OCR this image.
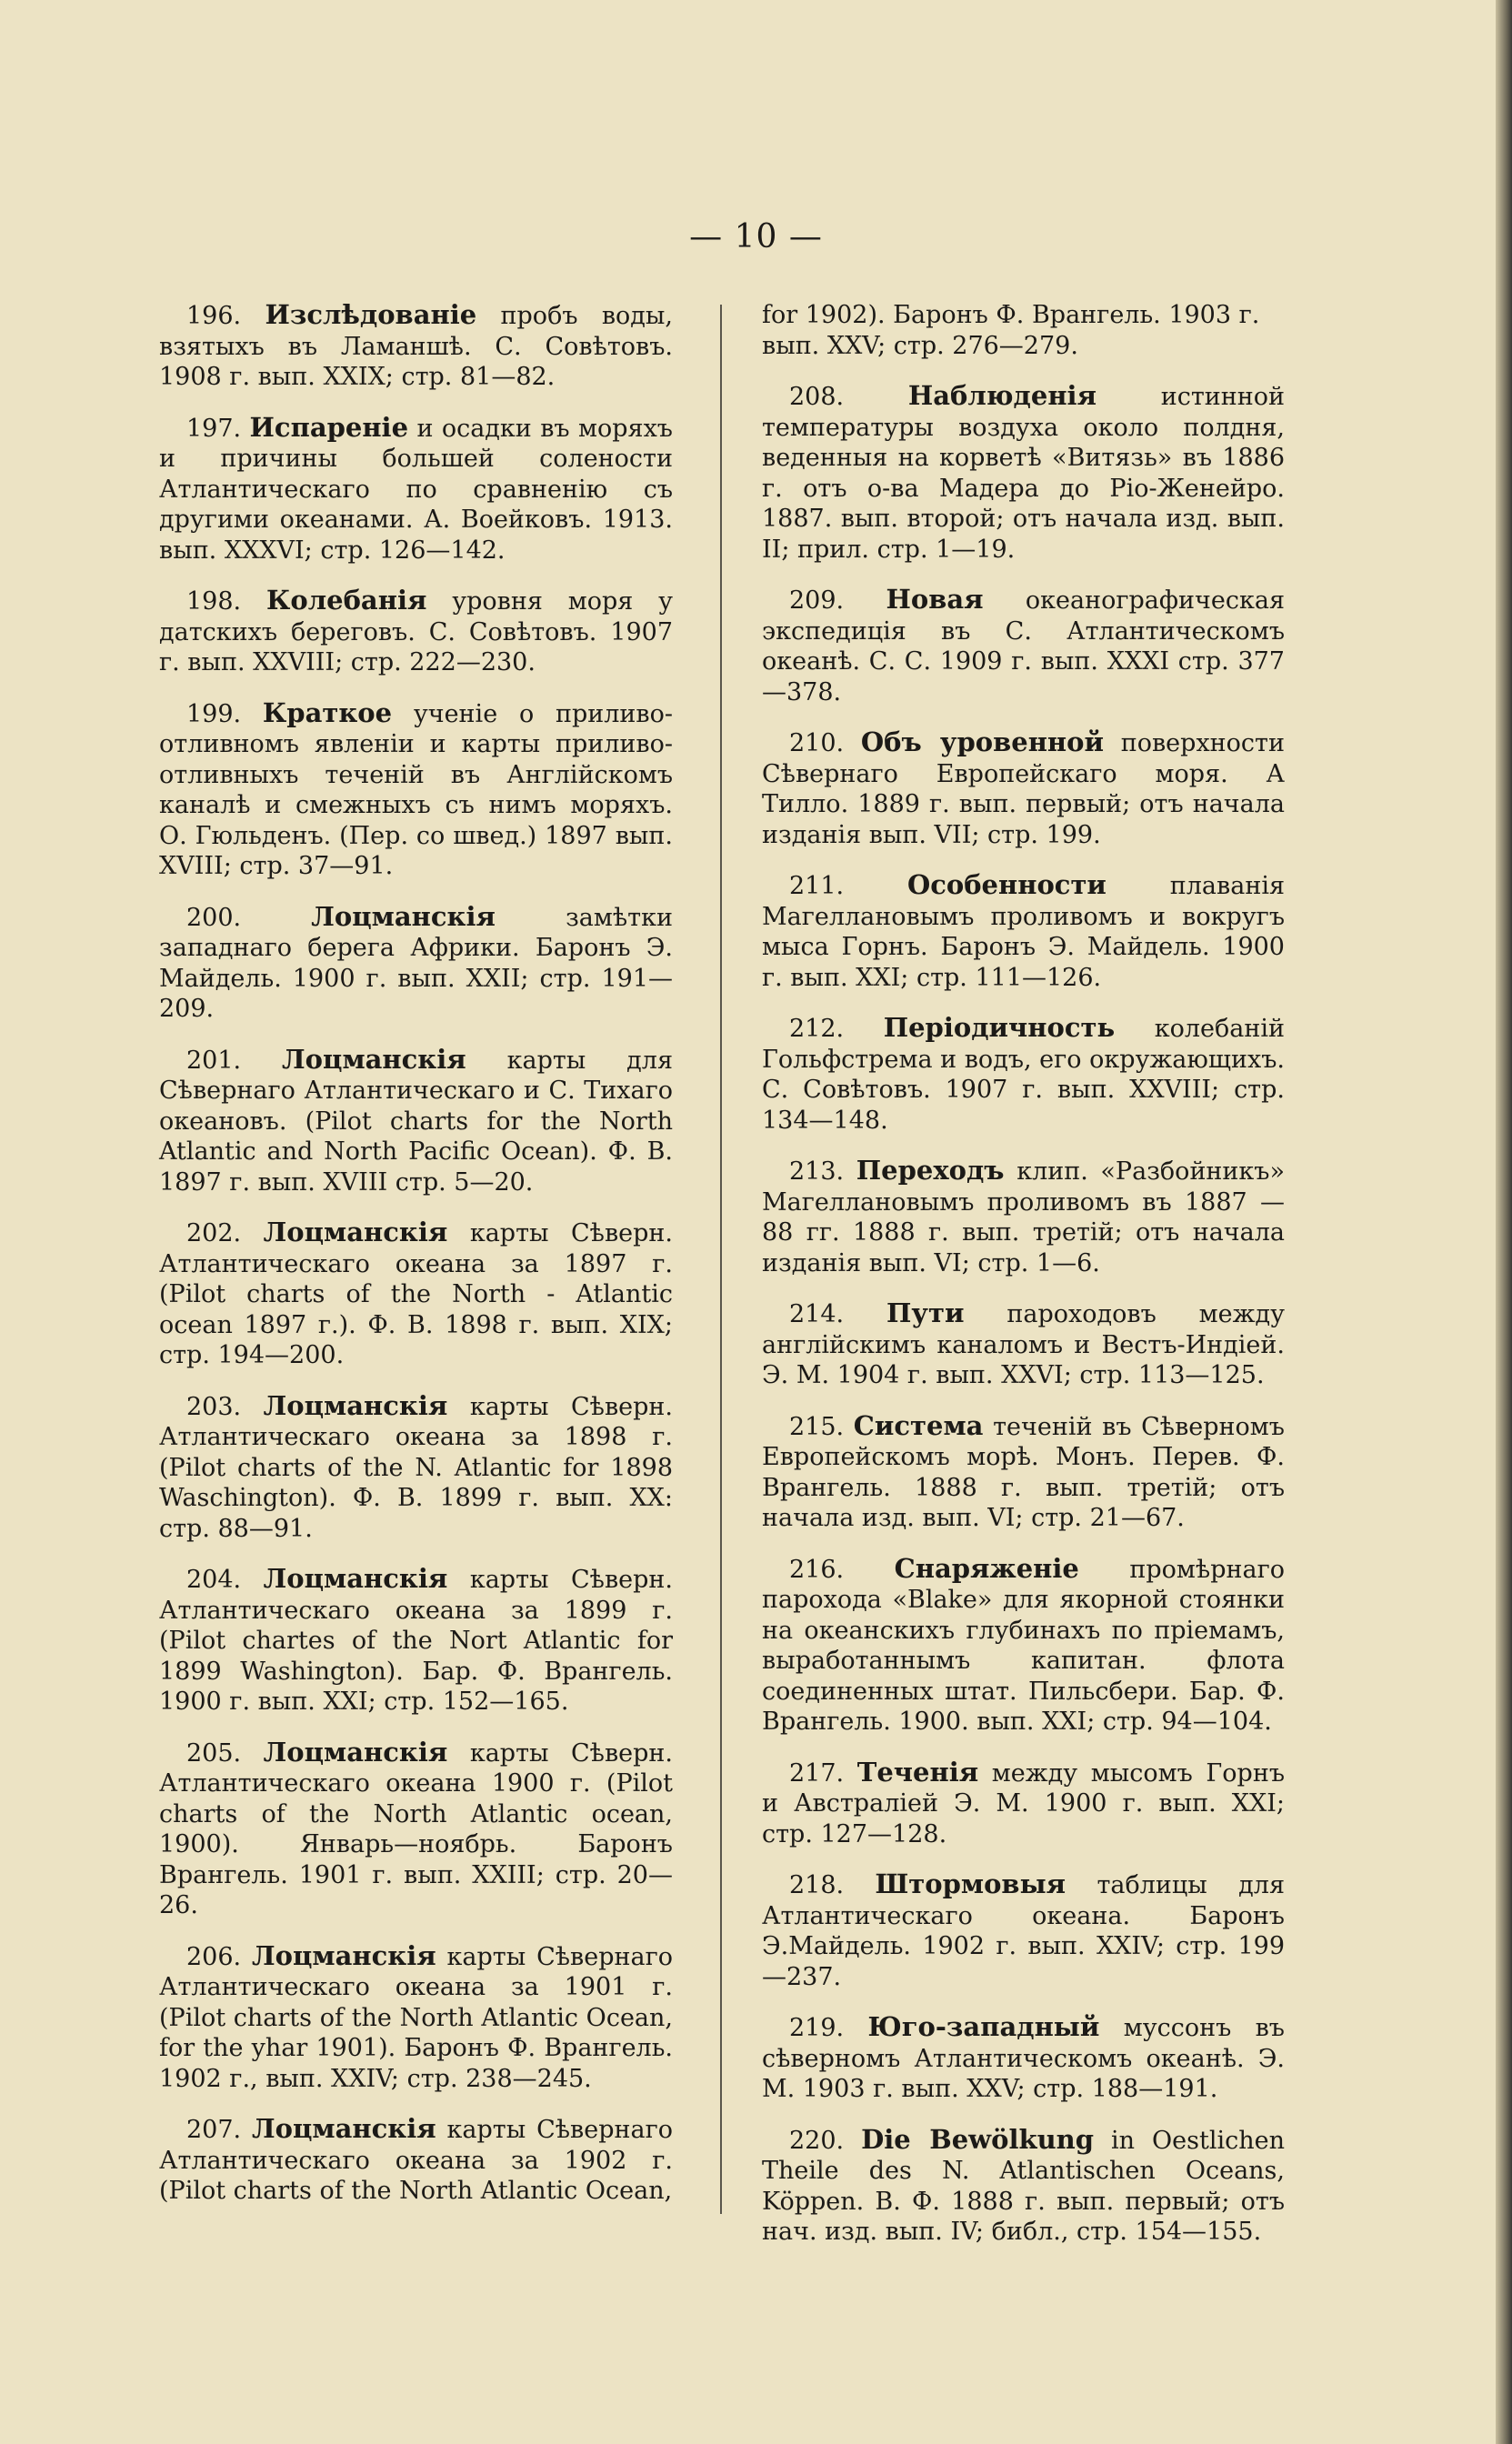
— 10 —
196. Изслѣдованіе пробъ воды, взятыхъ въ Ламаншѣ. С. Совѣтовъ. 1908 г. вып. XXIX; стр. 81—82.
197. Испареніе и осадки въ моряхъ и причины большей солености Атлантическаго по сравненію съ другими океанами. А. Воейковъ. 1913. вып. XXXVI; стр. 126—142.
198. Колебанія уровня моря у датскихъ береговъ. С. Совѣтовъ. 1907 г. вып. XXVIII; стр. 222—230.
199. Краткое ученіе о приливо-отливномъ явленіи и карты приливо-отливныхъ теченій въ Англійскомъ каналѣ и смежныхъ съ нимъ моряхъ. О. Гюльденъ. (Пер. со швед.) 1897 вып. XVIII; стр. 37—91.
200.	Лоцманскія	замѣтки западнаго берега Африки. Баронъ Э. Майдель. 1900 г. вып. XXII; стр. 191—209.
201. Лоцманскія карты для Сѣвернаго Атлантическаго и С. Тихаго океановъ. (Pilot charts for the North Atlantic and North Pacific Ocean). Ф. В. 1897 г. вып. XVIII стр. 5—20.
202. Лоцманскія карты Сѣверн. Атлантическаго океана за 1897 г. (Pilot charts of the North - Atlantic ocean 1897 г.). Ф. В. 1898 г. вып. XIX; стр. 194—200.
203. Лоцманскія карты Сѣверн. Атлантическаго океана за 1898 г. (Pilot charts of the N. Atlantic for 1898 Waschington). Ф. В. 1899 г. вып. XX: стр. 88—91.
204. Лоцманскія карты Сѣверн. Атлантическаго океана за 1899 г. (Pilot chartes of the Nort Atlantic for 1899 Washington). Бар. Ф. Врангель. 1900 г. вып. XXI; стр. 152—165.
205. Лоцманскія карты Сѣверн. Атлантическаго океана 1900 г. (Pilot charts of the North Atlantic ocean, 1900). Январь—ноябрь. Баронъ Врангель. 1901 г. вып. XXIII; стр. 20—26.
206. Лоцманскія карты Сѣвернаго Атлантическаго океана за 1901 г. (Pilot charts of the North Atlantic Ocean, for the yhar 1901). Баронъ Ф. Врангель. 1902 г., вып. XXIV; стр. 238—245.
207. Лоцманскія карты Сѣвернаго Атлантическаго океана за 1902 г. (Pilot charts of the North Atlantic Ocean,
for 1902). Баронъ Ф. Врангель. 1903 г. вып. XXV; стр. 276—279.
208. Наблюденія	истинной температуры воздуха около полдня, веденныя на корветѣ «Витязь» въ 1886 г. отъ о-ва Мадера до Ріо-Женейро. 1887. вып. второй; отъ начала изд. вып. II; прил. стр. 1—19.
209. Новая океанографическая экспедиція въ С. Атлантическомъ океанѣ. С. С. 1909 г. вып. XXXI стр. 377—378.
210. Объ уровенной поверхности Сѣвернаго Европейскаго моря. А Тилло. 1889 г. вып. первый; отъ начала изданія вып. VII; стр. 199.
211. Особенности	плаванія Магеллановымъ проливомъ и вокругъ мыса Горнъ. Баронъ Э. Майдель. 1900 г. вып. XXI; стр. 111—126.
212. Періодичность колебаній Гольфстрема и водъ, его окружающихъ. С. Совѣтовъ. 1907 г. вып. XXVIII; стр. 134—148.
213. Переходъ клип. «Разбойникъ» Магеллановымъ проливомъ въ 1887 — 88 гг. 1888 г. вып. третій; отъ начала изданія вып. VI; стр. 1—6.
214. Пути пароходовъ между англійскимъ каналомъ и Вестъ-Индіей. Э. М. 1904 г. вып. XXVI; стр. 113—125.
215. Система теченій въ Сѣверномъ Европейскомъ морѣ. Монъ. Перев. Ф. Врангель. 1888 г. вып. третій; отъ начала изд. вып. VI; стр. 21—67.
216. Снаряженіе промѣрнаго парохода «Blake» для якорной стоянки на океанскихъ глубинахъ по пріемамъ, выработаннымъ капитан. флота соединенных штат. Пильсбери. Бар. Ф. Врангель. 1900. вып. XXI; стр. 94—104.
217. Теченія между мысомъ Горнъ и Австраліей Э. М. 1900 г. вып. XXI; стр. 127—128.
218. Штормовыя таблицы для Атлантическаго океана. Баронъ Э.Майдель. 1902 г. вып. XXIV; стр. 199—237.
219. Юго-западный муссонъ въ сѣверномъ Атлантическомъ океанѣ. Э. М. 1903 г. вып. XXV; стр. 188—191.
220. Die Bewölkung in Oestlichen Theile des N. Atlantischen Oceans, Köppen. В. Ф. 1888 г. вып. первый; отъ нач. изд. вып. IV; библ., стр. 154—155.
